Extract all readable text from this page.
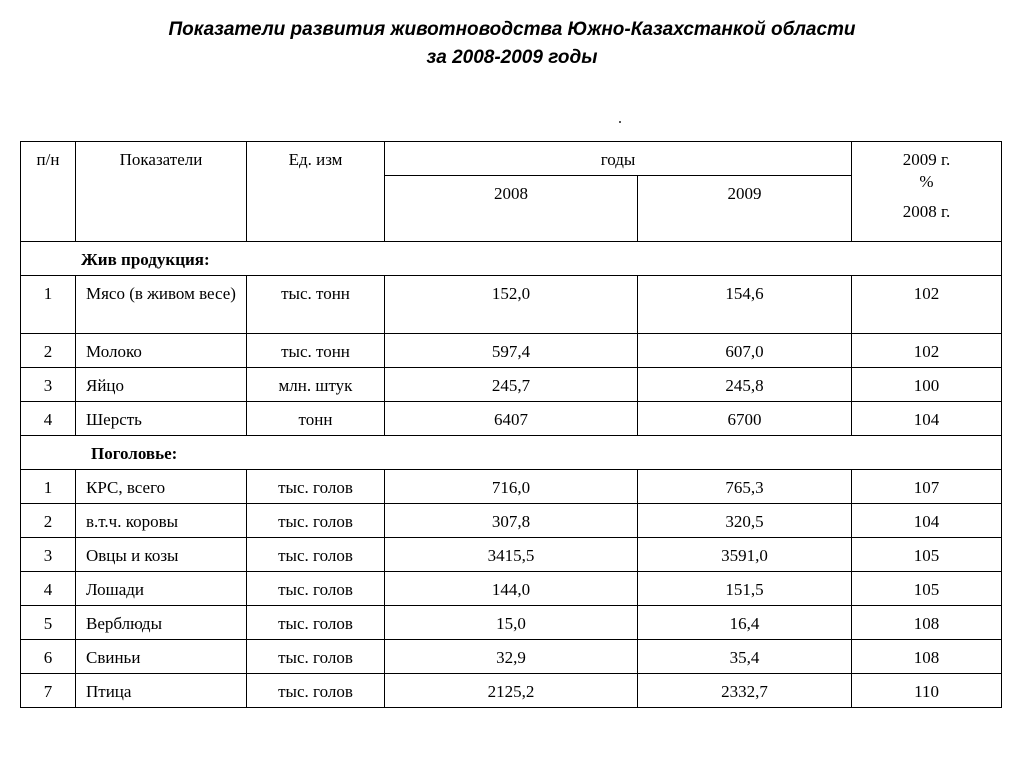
Показатели развития животноводства Южно-Казахстанкой области
за 2008-2009 годы
п/н	Показатели	Ед. изм	годы		2009 г.
%
2008 г.

			2008	2009	
Жив продукция:					
1	Мясо (в живом весе)	тыс. тонн	152,0	154,6	102
2	Молоко	тыс. тонн	597,4	607,0	102
3	Яйцо	млн. штук	245,7	245,8	100
4	Шерсть	тонн	6407	6700	104
Поголовье:					
1	КРС, всего	тыс. голов	716,0	765,3	107
2	в.т.ч. коровы	тыс. голов	307,8	320,5	104
3	Овцы и козы	тыс. голов	3415,5	3591,0	105
4	Лошади	тыс. голов	144,0	151,5	105
5	Верблюды	тыс. голов	15,0	16,4	108
6	Свиньи	тыс. голов	32,9	35,4	108
7	Птица	тыс. голов	2125,2	2332,7	110
